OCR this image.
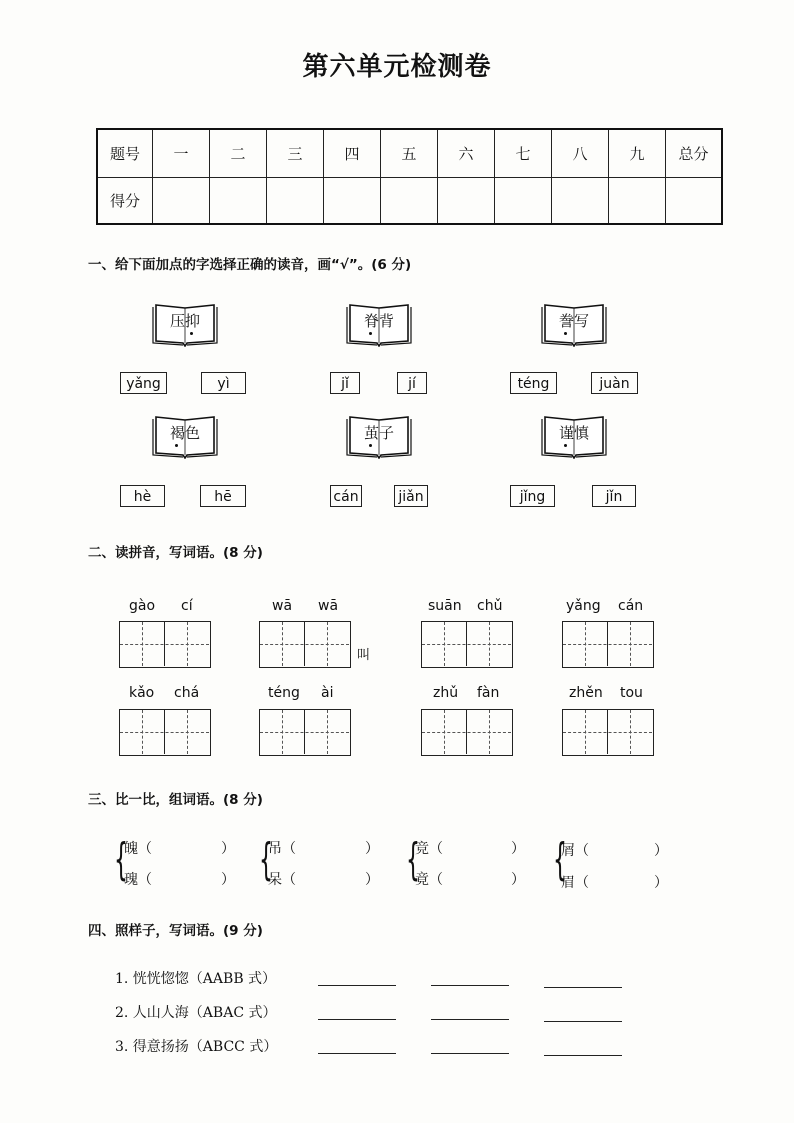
第六单元检测卷
题号	一	二	三	四	五	六	七	八	九	总分
得分										
一、给下面加点的字选择正确的读音，画“√”。(6 分)
压抑	脊背	誊写
yǎng	yì	jǐ	jí	téng	juàn
褐色	茧子	谨慎
hè	hē	cán	jiǎn	jǐng	jǐn
二、读拼音，写词语。(8 分)
gào cí	wā wā	suān chǔ	yǎng cán
叫
kǎo chá	téng ài	zhǔ fàn	zhěn tou
三、比一比，组词语。(8 分)
{
魄（	）
瑰（	） {
吊（	）
呆（	） {
竞（	）
竟（	） {
屑（	）
眉（	）
四、照样子，写词语。(9 分)
1. 恍恍惚惚（AABB 式）
2. 人山人海（ABAC 式）
3. 得意扬扬（ABCC 式）
